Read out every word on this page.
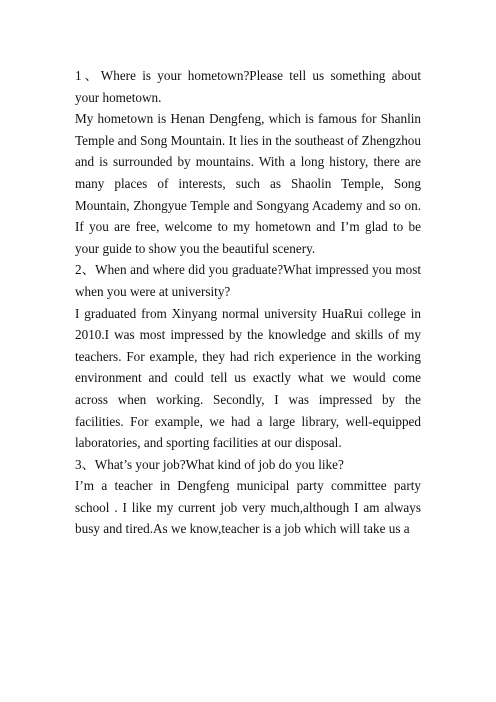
1、Where is your hometown?Please tell us something about your hometown.

My hometown is Henan Dengfeng, which is famous for Shanlin Temple and Song Mountain. It lies in the southeast of Zhengzhou and is surrounded by mountains. With a long history, there are many places of interests, such as Shaolin Temple, Song Mountain, Zhongyue Temple and Songyang Academy and so on. If you are free, welcome to my hometown and I’m glad to be your guide to show you the beautiful scenery.

2、When and where did you graduate?What impressed you most when you were at university?

I graduated from Xinyang normal university HuaRui college in 2010.I was most impressed by the knowledge and skills of my teachers. For example, they had rich experience in the working environment and could tell us exactly what we would come across when working. Secondly, I was impressed by the facilities. For example, we had a large library, well-equipped laboratories, and sporting facilities at our disposal.

3、What’s your job?What kind of job do you like?

I’m a teacher in Dengfeng municipal party committee party school . I like my current job very much,although I am always busy and tired.As we know,teacher is a job which will take us a
